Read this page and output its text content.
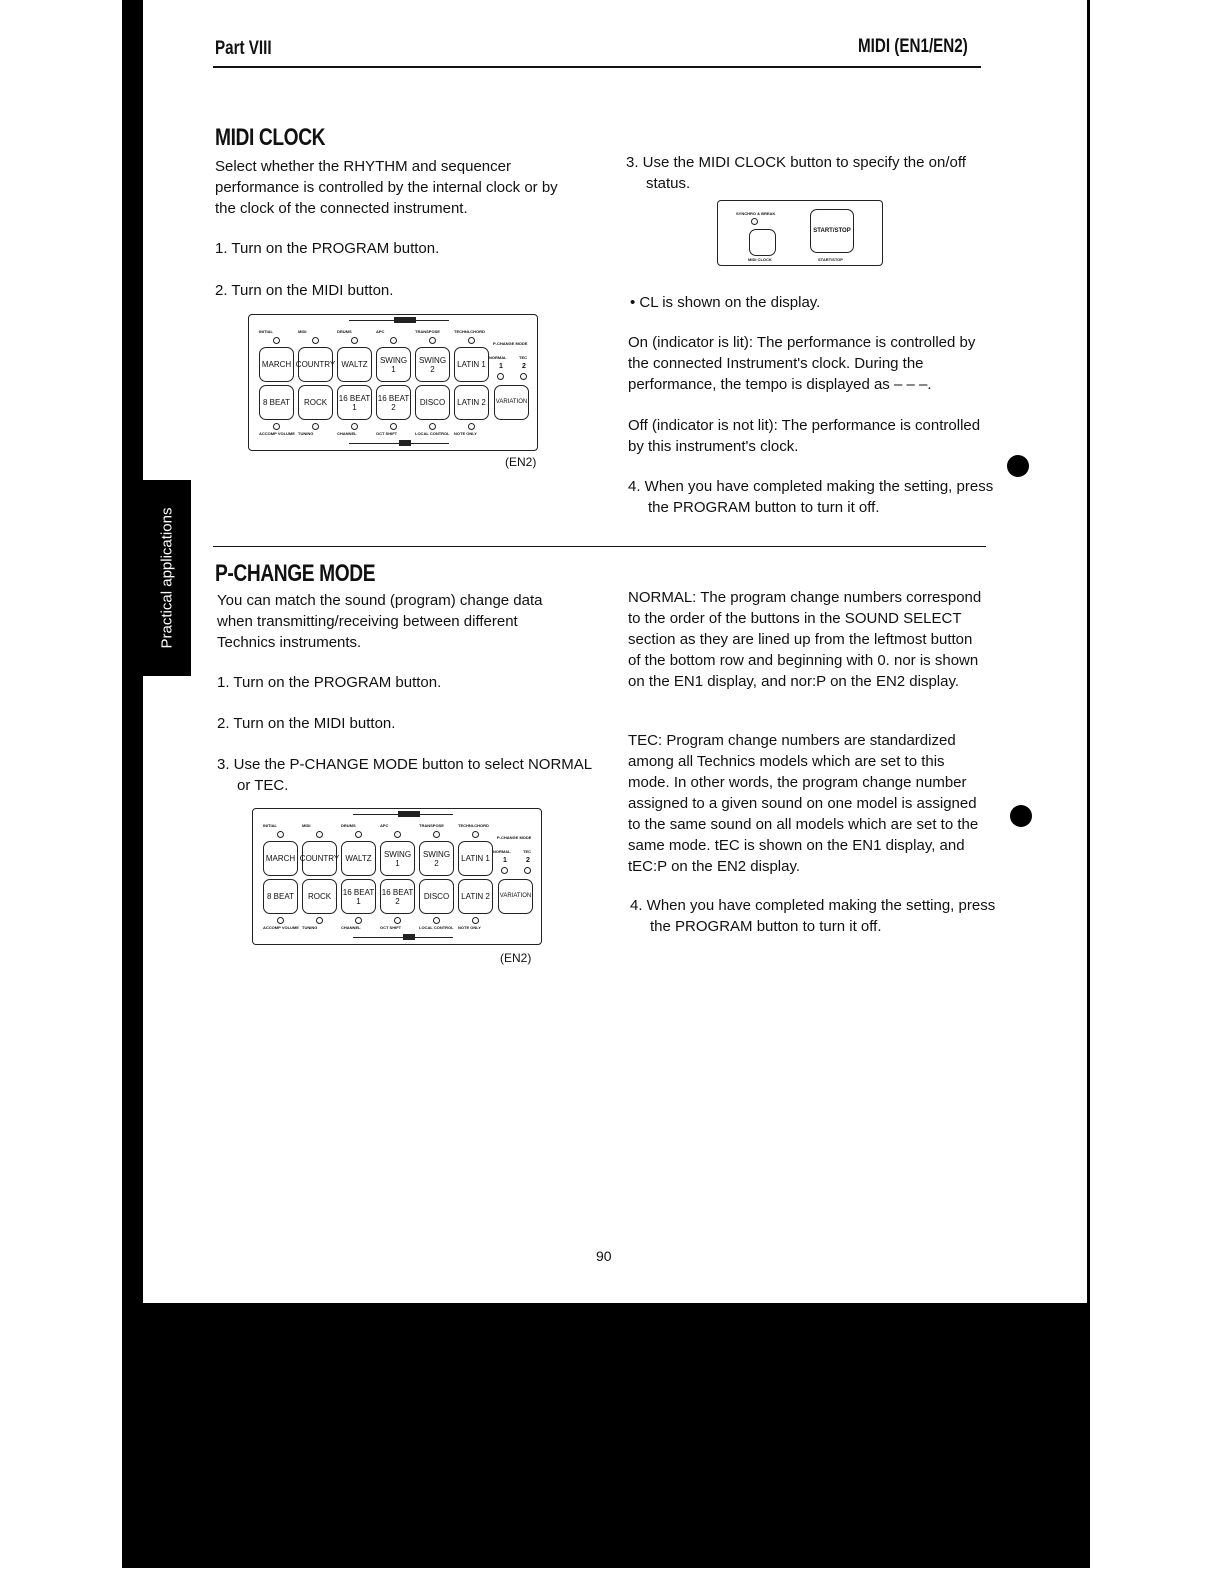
Practical applications
Part VIII	MIDI (EN1/EN2)
MIDI CLOCK
Select whether the RHYTHM and sequencer performance is controlled by the internal clock or by the clock of the connected instrument.
1. Turn on the PROGRAM button.
2. Turn on the MIDI button.
INITIAL
MARCH
8 BEAT
ACCOMP VOLUME
MIDI
COUNTRY
ROCK
TUNING
DRUMS
WALTZ
16 BEAT 1
CHANNEL
APC
SWING 1
16 BEAT 2
OCT SHIFT
TRANSPOSE
SWING 2
DISCO
LOCAL CONTROL
TECHNI-CHORD
LATIN 1
LATIN 2
NOTE ONLY
P-CHANGE MODE
NORMAL	TEC
1	2
VARIATION
(EN2)
3. Use the MIDI CLOCK button to specify the on/off status.
SYNCHRO & BREAK
MIDI CLOCK
START/STOP
START/STOP
• CL is shown on the display.
On (indicator is lit): The performance is controlled by the connected Instrument's clock. During the performance, the tempo is displayed as – – –.
Off (indicator is not lit): The performance is controlled by this instrument's clock.
4. When you have completed making the setting, press the PROGRAM button to turn it off.
P-CHANGE MODE
You can match the sound (program) change data when transmitting/receiving between different Technics instruments.
1. Turn on the PROGRAM button.
2. Turn on the MIDI button.
3. Use the P-CHANGE MODE button to select NORMAL or TEC.
INITIAL
MARCH
8 BEAT
ACCOMP VOLUME
MIDI
COUNTRY
ROCK
TUNING
DRUMS
WALTZ
16 BEAT 1
CHANNEL
APC
SWING 1
16 BEAT 2
OCT SHIFT
TRANSPOSE
SWING 2
DISCO
LOCAL CONTROL
TECHNI-CHORD
LATIN 1
LATIN 2
NOTE ONLY
P-CHANGE MODE
NORMAL	TEC
1	2
VARIATION
(EN2)
NORMAL: The program change numbers correspond to the order of the buttons in the SOUND SELECT section as they are lined up from the leftmost button of the bottom row and beginning with 0. nor is shown on the EN1 display, and nor:P on the EN2 display.
TEC: Program change numbers are standardized among all Technics models which are set to this mode. In other words, the program change number assigned to a given sound on one model is assigned to the same sound on all models which are set to the same mode. tEC is shown on the EN1 display, and tEC:P on the EN2 display.
4. When you have completed making the setting, press the PROGRAM button to turn it off.
90
